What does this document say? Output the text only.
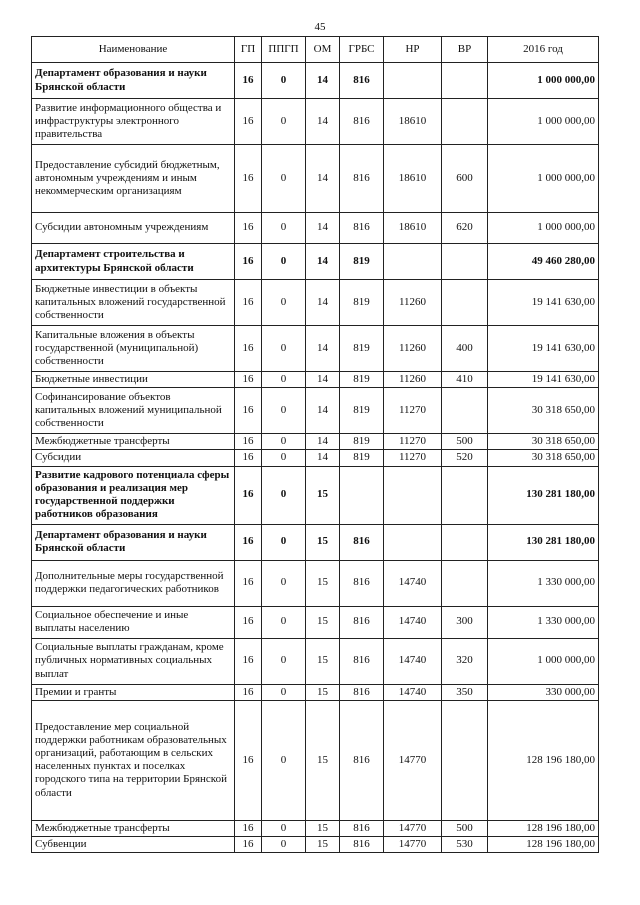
45
Наименование	ГП	ППГП	ОМ	ГРБС	НР	ВР	2016 год
Департамент образования и науки Брянской области	16	0	14	816			1 000 000,00
Развитие информационного общества и инфраструктуры электронного правительства	16	0	14	816	18610		1 000 000,00
Предоставление субсидий бюджетным, автономным учреждениям и иным некоммерческим организациям	16	0	14	816	18610	600	1 000 000,00
Субсидии автономным учреждениям	16	0	14	816	18610	620	1 000 000,00
Департамент строительства и архитектуры Брянской области	16	0	14	819			49 460 280,00
Бюджетные инвестиции в объекты капитальных вложений государственной собственности	16	0	14	819	11260		19 141 630,00
Капитальные вложения в объекты государственной (муниципальной) собственности	16	0	14	819	11260	400	19 141 630,00
Бюджетные инвестиции	16	0	14	819	11260	410	19 141 630,00
Софинансирование объектов капитальных вложений муниципальной собственности	16	0	14	819	11270		30 318 650,00
Межбюджетные трансферты	16	0	14	819	11270	500	30 318 650,00
Субсидии	16	0	14	819	11270	520	30 318 650,00
Развитие кадрового потенциала сферы образования и реализация мер государственной поддержки работников образования	16	0	15				130 281 180,00
Департамент образования и науки Брянской области	16	0	15	816			130 281 180,00
Дополнительные меры государственной поддержки педагогических работников	16	0	15	816	14740		1 330 000,00
Социальное обеспечение и иные выплаты населению	16	0	15	816	14740	300	1 330 000,00
Социальные выплаты гражданам, кроме публичных нормативных социальных выплат	16	0	15	816	14740	320	1 000 000,00
Премии и гранты	16	0	15	816	14740	350	330 000,00
Предоставление мер социальной поддержки работникам образовательных организаций, работающим в сельских населенных пунктах и поселках городского типа на территории Брянской области	16	0	15	816	14770		128 196 180,00
Межбюджетные трансферты	16	0	15	816	14770	500	128 196 180,00
Субвенции	16	0	15	816	14770	530	128 196 180,00
